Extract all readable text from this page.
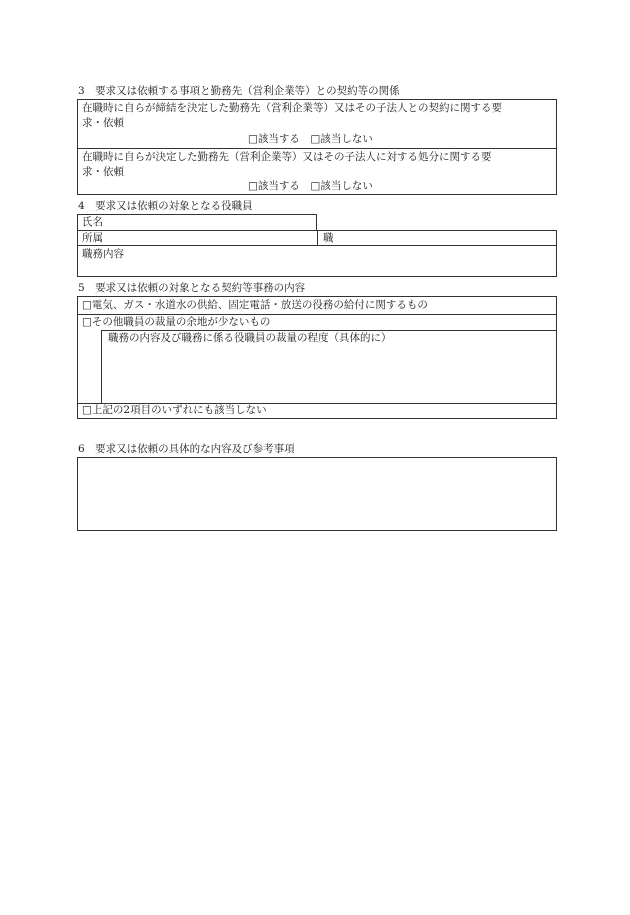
3　要求又は依頼する事項と勤務先（営利企業等）との契約等の関係
在職時に自らが締結を決定した勤務先（営利企業等）又はその子法人との契約に関する要
求・依頼
□該当する　□該当しない
在職時に自らが決定した勤務先（営利企業等）又はその子法人に対する処分に関する要
求・依頼
□該当する　□該当しない
4　要求又は依頼の対象となる役職員
氏名
所属	職
職務内容
5　要求又は依頼の対象となる契約等事務の内容
□電気、ガス・水道水の供給、固定電話・放送の役務の給付に関するもの
□その他職員の裁量の余地が少ないもの
職務の内容及び職務に係る役職員の裁量の程度（具体的に）
□上記の2項目のいずれにも該当しない
6　要求又は依頼の具体的な内容及び参考事項
